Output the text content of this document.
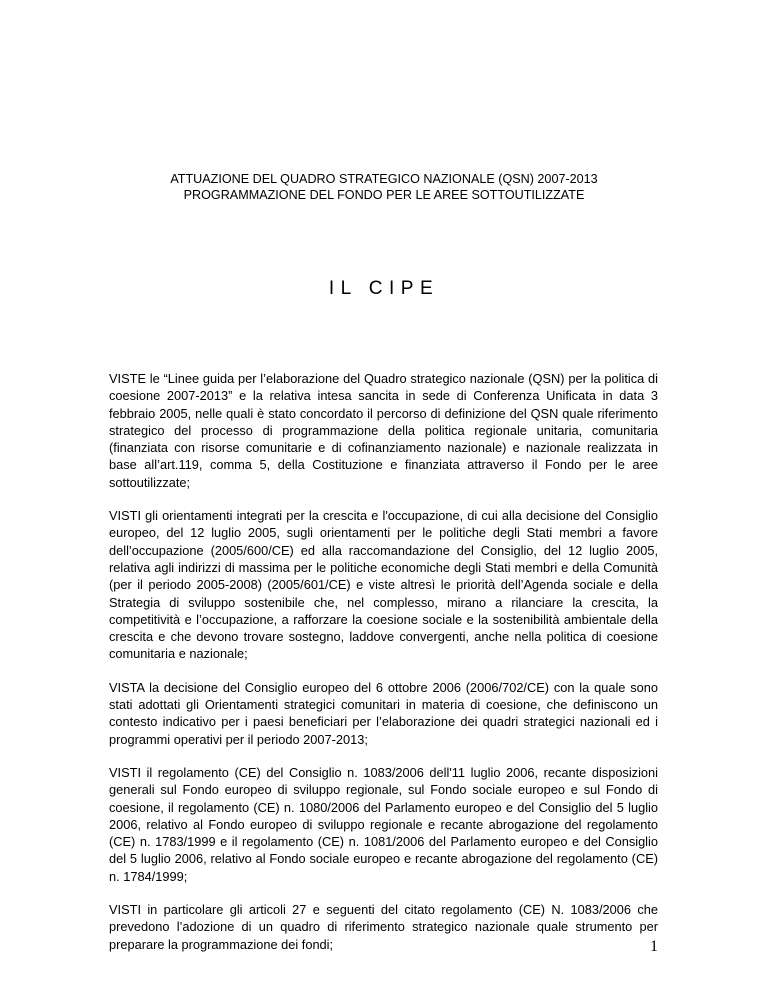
ATTUAZIONE DEL QUADRO STRATEGICO NAZIONALE (QSN) 2007-2013

PROGRAMMAZIONE DEL FONDO PER LE AREE SOTTOUTILIZZATE

IL CIPE

VISTE le “Linee guida per l’elaborazione del Quadro strategico nazionale (QSN) per la politica di coesione 2007-2013” e la relativa intesa sancita in sede di Conferenza Unificata in data 3 febbraio 2005, nelle quali è stato concordato il percorso di definizione del QSN quale riferimento strategico del processo di programmazione della politica regionale unitaria, comunitaria (finanziata con risorse comunitarie e di cofinanziamento nazionale) e nazionale realizzata in base all’art.119, comma 5, della Costituzione e finanziata attraverso il Fondo per le aree sottoutilizzate;

VISTI gli orientamenti integrati per la crescita e l'occupazione, di cui alla decisione del Consiglio europeo, del 12 luglio 2005, sugli orientamenti per le politiche degli Stati membri a favore dell’occupazione (2005/600/CE) ed alla raccomandazione del Consiglio, del 12 luglio 2005, relativa agli indirizzi di massima per le politiche economiche degli Stati membri e della Comunità (per il periodo 2005-2008) (2005/601/CE) e viste altresì le priorità dell’Agenda sociale e della Strategia di sviluppo sostenibile che, nel complesso, mirano a rilanciare la crescita, la competitività e l’occupazione, a rafforzare la coesione sociale e la sostenibilità ambientale della crescita e che devono trovare sostegno, laddove convergenti, anche nella politica di coesione comunitaria e nazionale;

VISTA la decisione del Consiglio europeo del 6 ottobre 2006 (2006/702/CE) con la quale sono stati adottati gli Orientamenti strategici comunitari in materia di coesione, che definiscono un contesto indicativo per i paesi beneficiari per l’elaborazione dei quadri strategici nazionali ed i programmi operativi per il periodo 2007-2013;

VISTI il regolamento (CE) del Consiglio n. 1083/2006 dell'11 luglio 2006, recante disposizioni generali sul Fondo europeo di sviluppo regionale, sul Fondo sociale europeo e sul Fondo di coesione, il regolamento (CE) n. 1080/2006 del Parlamento europeo e del Consiglio del 5 luglio 2006, relativo al Fondo europeo di sviluppo regionale e recante abrogazione del regolamento (CE) n. 1783/1999 e il regolamento (CE) n. 1081/2006 del Parlamento europeo e del Consiglio del 5 luglio 2006, relativo al Fondo sociale europeo e recante abrogazione del regolamento (CE) n. 1784/1999;

VISTI in particolare gli articoli 27 e seguenti del citato regolamento (CE) N. 1083/2006 che prevedono l’adozione di un quadro di riferimento strategico nazionale quale strumento per preparare la programmazione dei fondi;	1
